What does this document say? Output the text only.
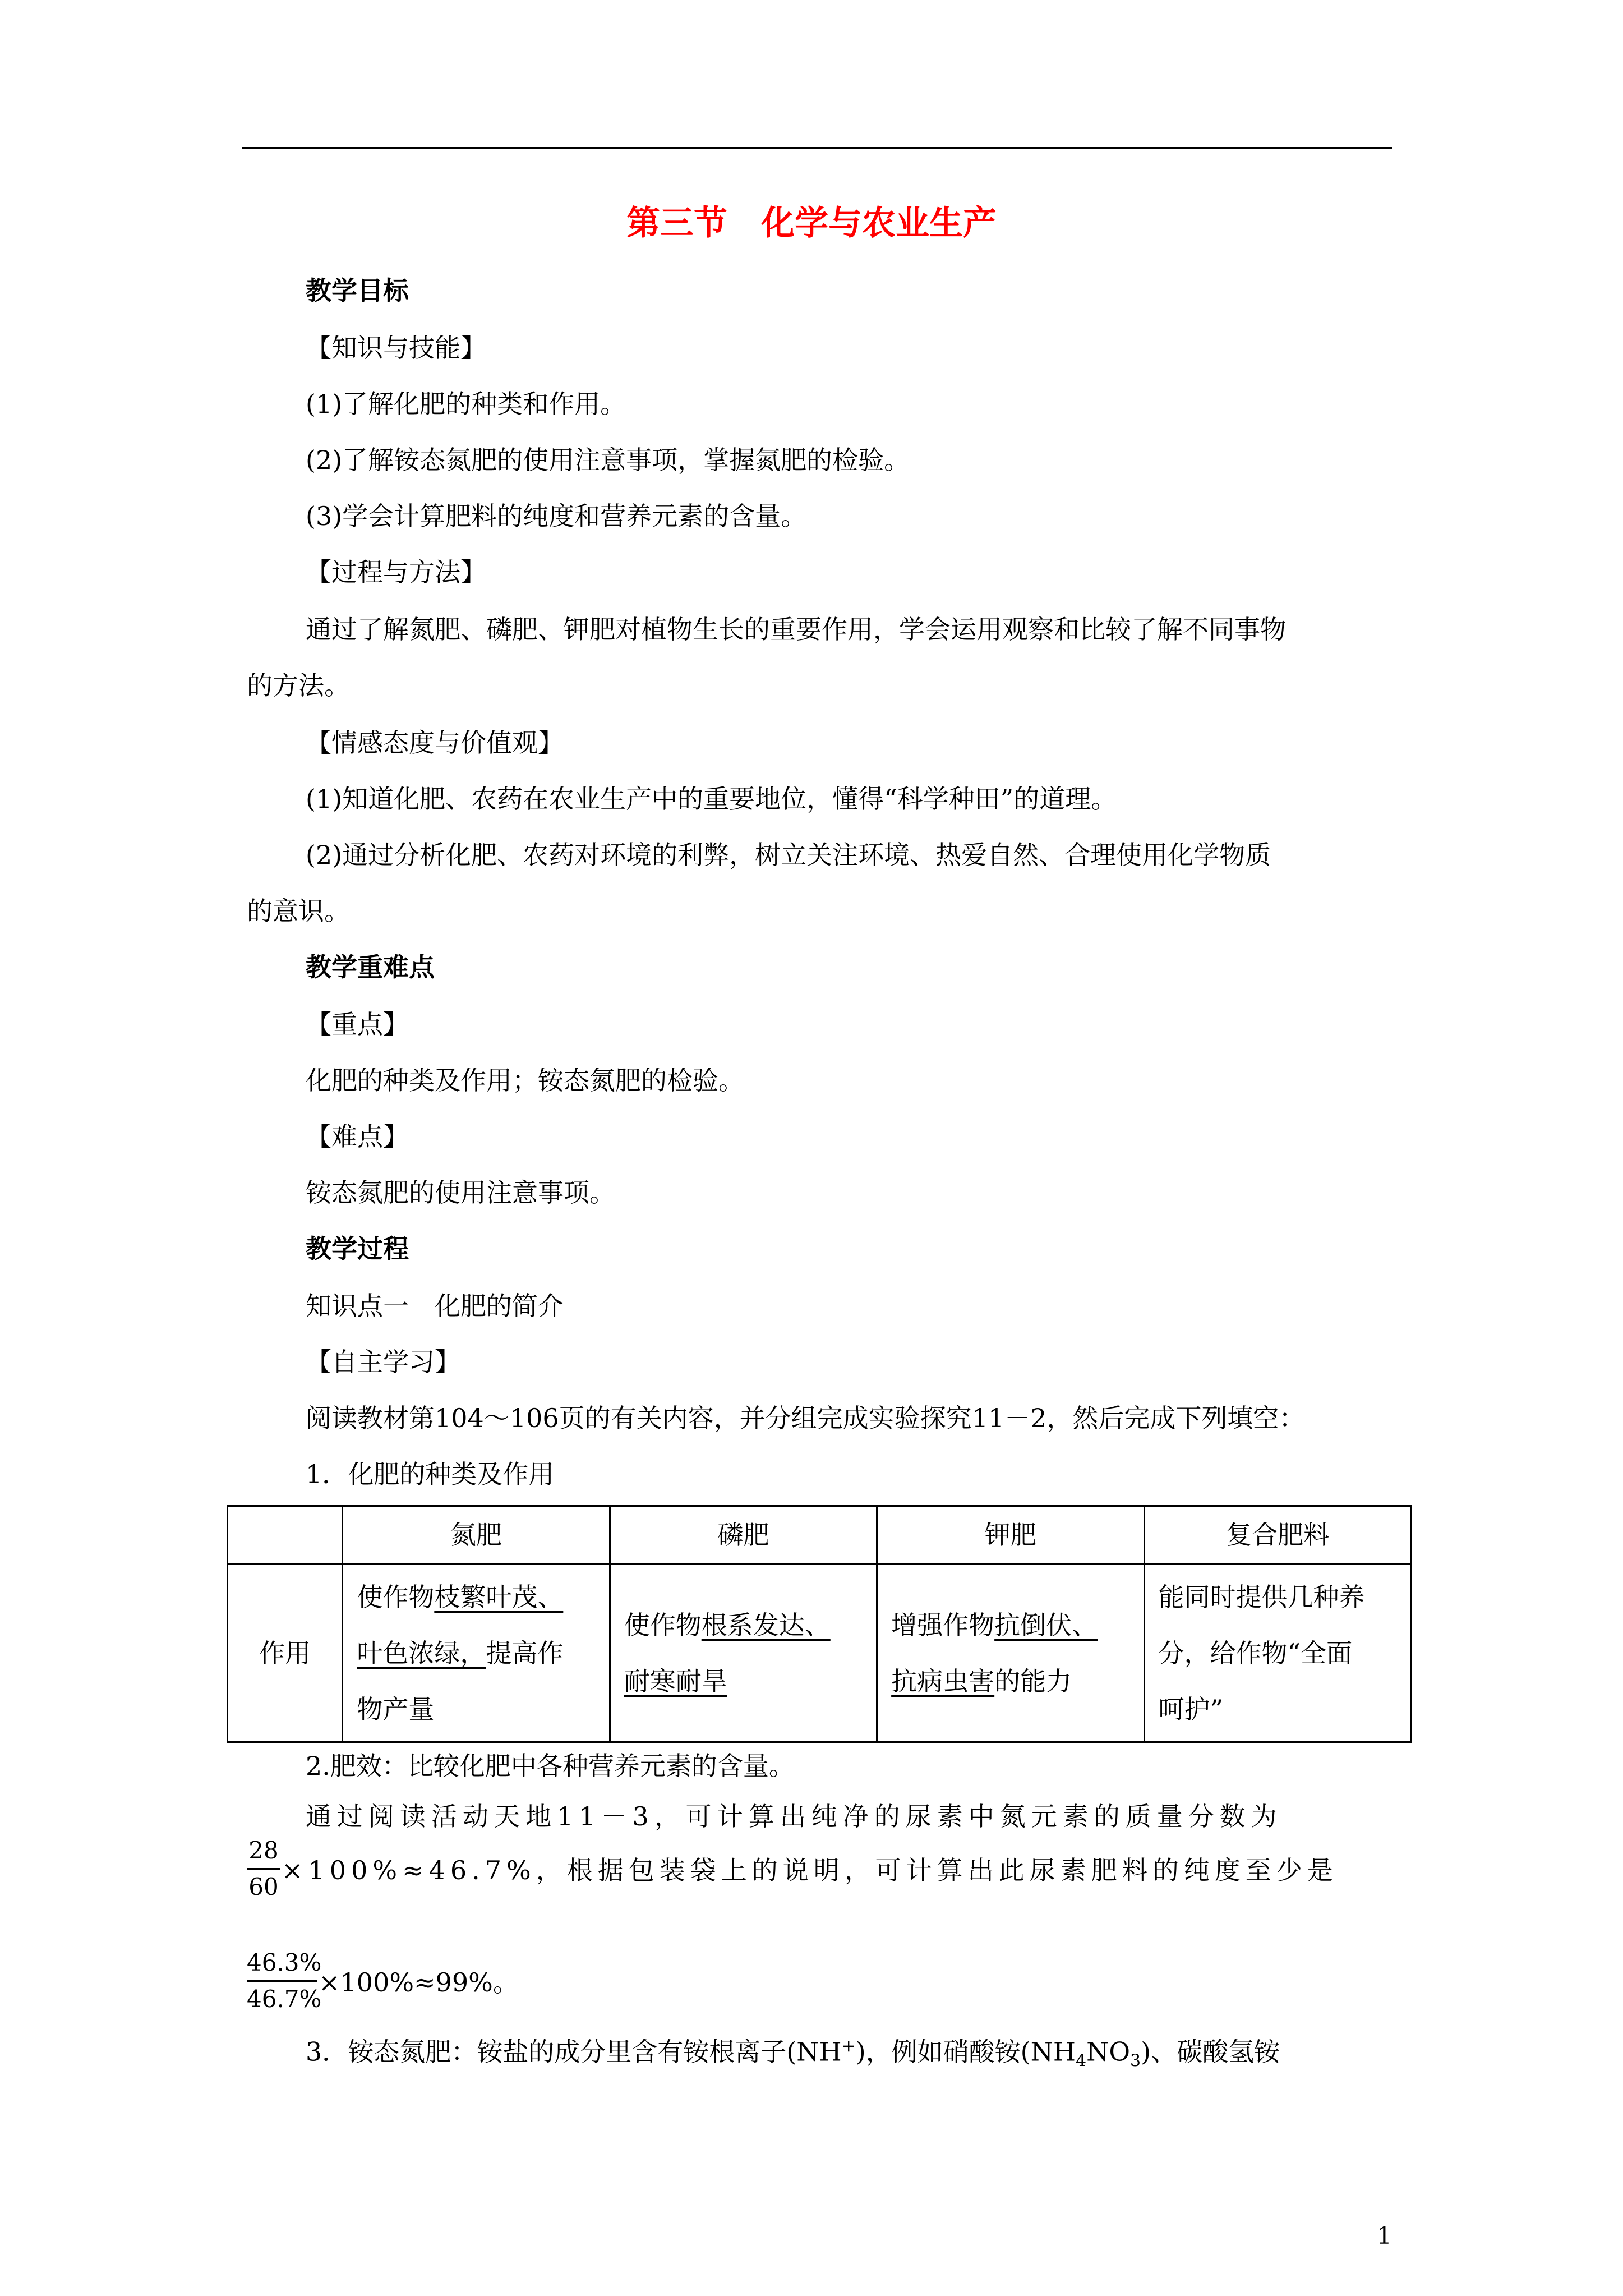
第三节　化学与农业生产
教学目标
【知识与技能】
(1)了解化肥的种类和作用。
(2)了解铵态氮肥的使用注意事项，掌握氮肥的检验。
(3)学会计算肥料的纯度和营养元素的含量。
【过程与方法】
通过了解氮肥、磷肥、钾肥对植物生长的重要作用，学会运用观察和比较了解不同事物
的方法。
【情感态度与价值观】
(1)知道化肥、农药在农业生产中的重要地位，懂得“科学种田”的道理。
(2)通过分析化肥、农药对环境的利弊，树立关注环境、热爱自然、合理使用化学物质
的意识。
教学重难点
【重点】
化肥的种类及作用；铵态氮肥的检验。
【难点】
铵态氮肥的使用注意事项。
教学过程
知识点一　化肥的简介
【自主学习】
阅读教材第104～106页的有关内容，并分组完成实验探究11－2，然后完成下列填空：
1．化肥的种类及作用
	氮肥	磷肥	钾肥	复合肥料
作用	使作物枝繁叶茂、
叶色浓绿，提高作
物产量	使作物根系发达、
耐寒耐旱	增强作物抗倒伏、
抗病虫害的能力	能同时提供几种养
分，给作物“全面
呵护”
2.肥效：比较化肥中各种营养元素的含量。
通过阅读活动天地11－3，可计算出纯净的尿素中氮元素的质量分数为
28
60
×100%≈46.7%，根据包装袋上的说明，可计算出此尿素肥料的纯度至少是
46.3%
46.7%
×100%≈99%。
3．铵态氮肥：铵盐的成分里含有铵根离子(NH+)，例如硝酸铵$(NH_4NO_3)$、碳酸氢铵
1
